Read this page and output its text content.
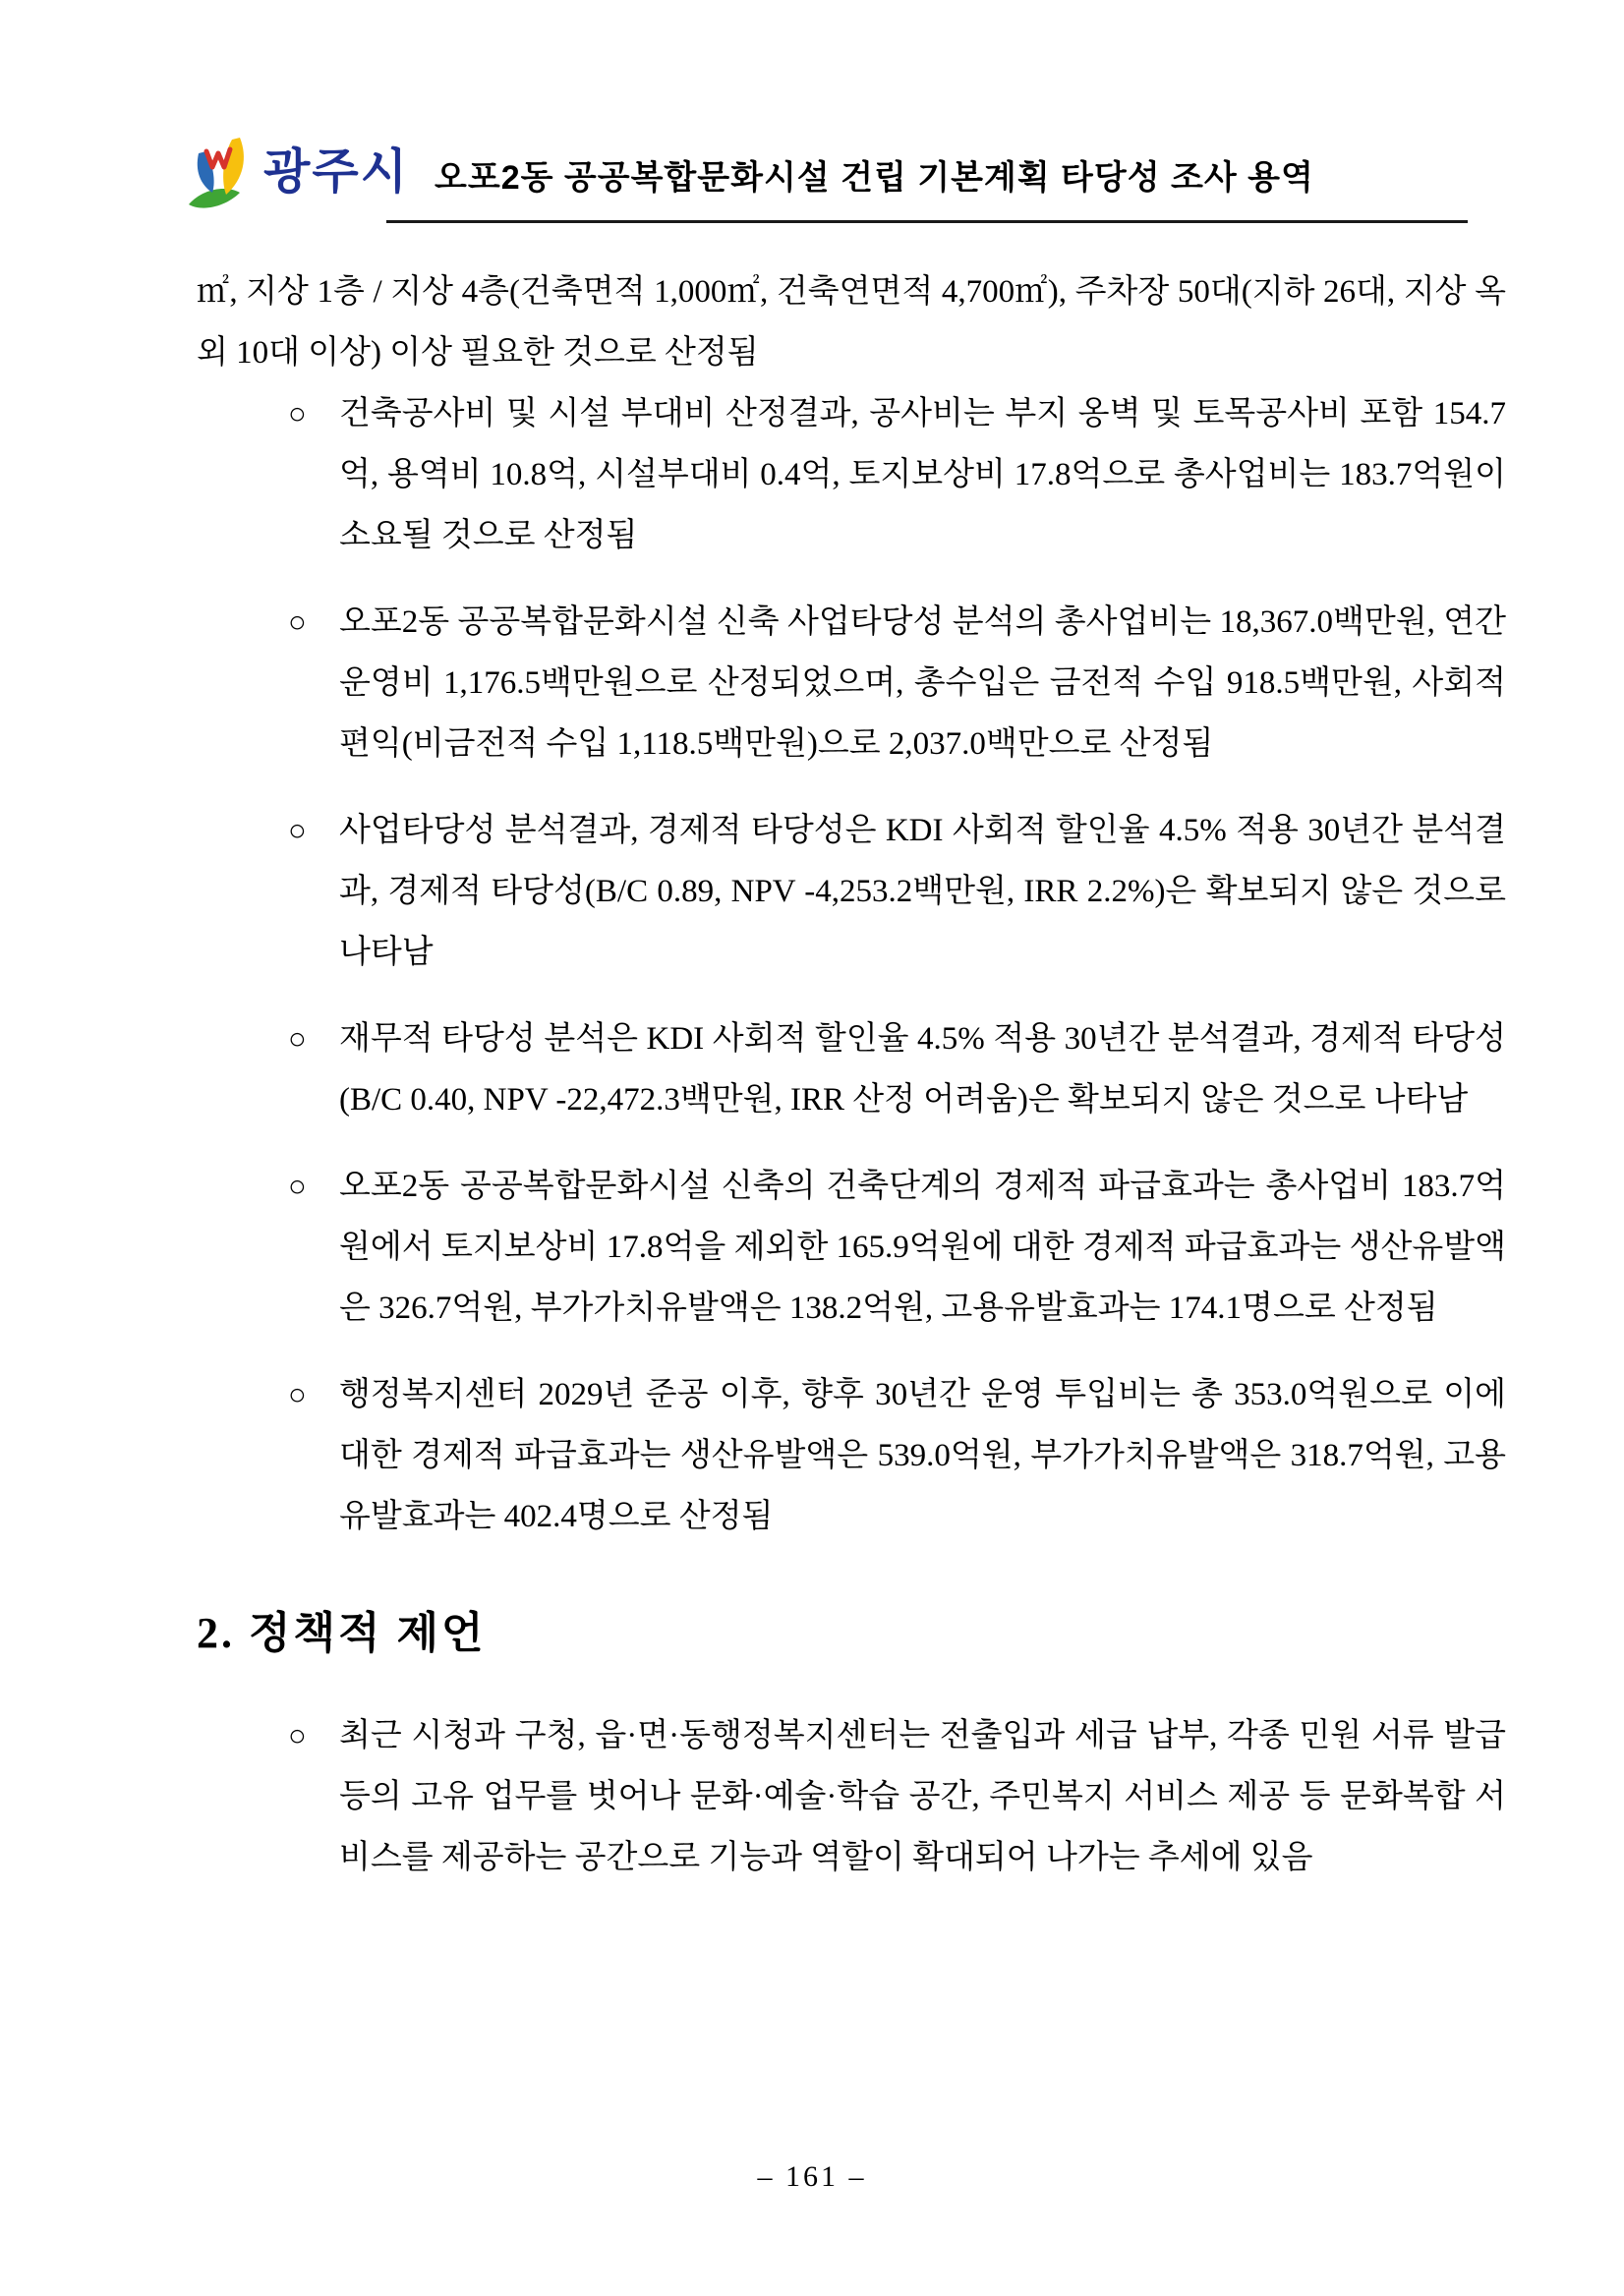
광주시 오포2동 공공복합문화시설 건립 기본계획 타당성 조사 용역

㎡, 지상 1층 / 지상 4층(건축면적 1,000㎡, 건축연면적 4,700㎡), 주차장 50대(지하 26대, 지상 옥외 10대 이상) 이상 필요한 것으로 산정됨

○	건축공사비 및 시설 부대비 산정결과, 공사비는 부지 옹벽 및 토목공사비 포함 154.7억, 용역비 10.8억, 시설부대비 0.4억, 토지보상비 17.8억으로 총사업비는 183.7억원이 소요될 것으로 산정됨

○	오포2동 공공복합문화시설 신축 사업타당성 분석의 총사업비는 18,367.0백만원, 연간 운영비 1,176.5백만원으로 산정되었으며, 총수입은 금전적 수입 918.5백만원, 사회적 편익(비금전적 수입 1,118.5백만원)으로 2,037.0백만으로 산정됨

○	사업타당성 분석결과, 경제적 타당성은 KDI 사회적 할인율 4.5% 적용 30년간 분석결과, 경제적 타당성(B/C 0.89, NPV -4,253.2백만원, IRR 2.2%)은 확보되지 않은 것으로 나타남

○	재무적 타당성 분석은 KDI 사회적 할인율 4.5% 적용 30년간 분석결과, 경제적 타당성(B/C 0.40, NPV -22,472.3백만원, IRR 산정 어려움)은 확보되지 않은 것으로 나타남

○	오포2동 공공복합문화시설 신축의 건축단계의 경제적 파급효과는 총사업비 183.7억원에서 토지보상비 17.8억을 제외한 165.9억원에 대한 경제적 파급효과는 생산유발액은 326.7억원, 부가가치유발액은 138.2억원, 고용유발효과는 174.1명으로 산정됨

○	행정복지센터 2029년 준공 이후, 향후 30년간 운영 투입비는 총 353.0억원으로 이에 대한 경제적 파급효과는 생산유발액은 539.0억원, 부가가치유발액은 318.7억원, 고용유발효과는 402.4명으로 산정됨

2. 정책적 제언
○	최근 시청과 구청, 읍·면·동행정복지센터는 전출입과 세급 납부, 각종 민원 서류 발급 등의 고유 업무를 벗어나 문화·예술·학습 공간, 주민복지 서비스 제공 등 문화복합 서비스를 제공하는 공간으로 기능과 역할이 확대되어 나가는 추세에 있음

– 161 –
